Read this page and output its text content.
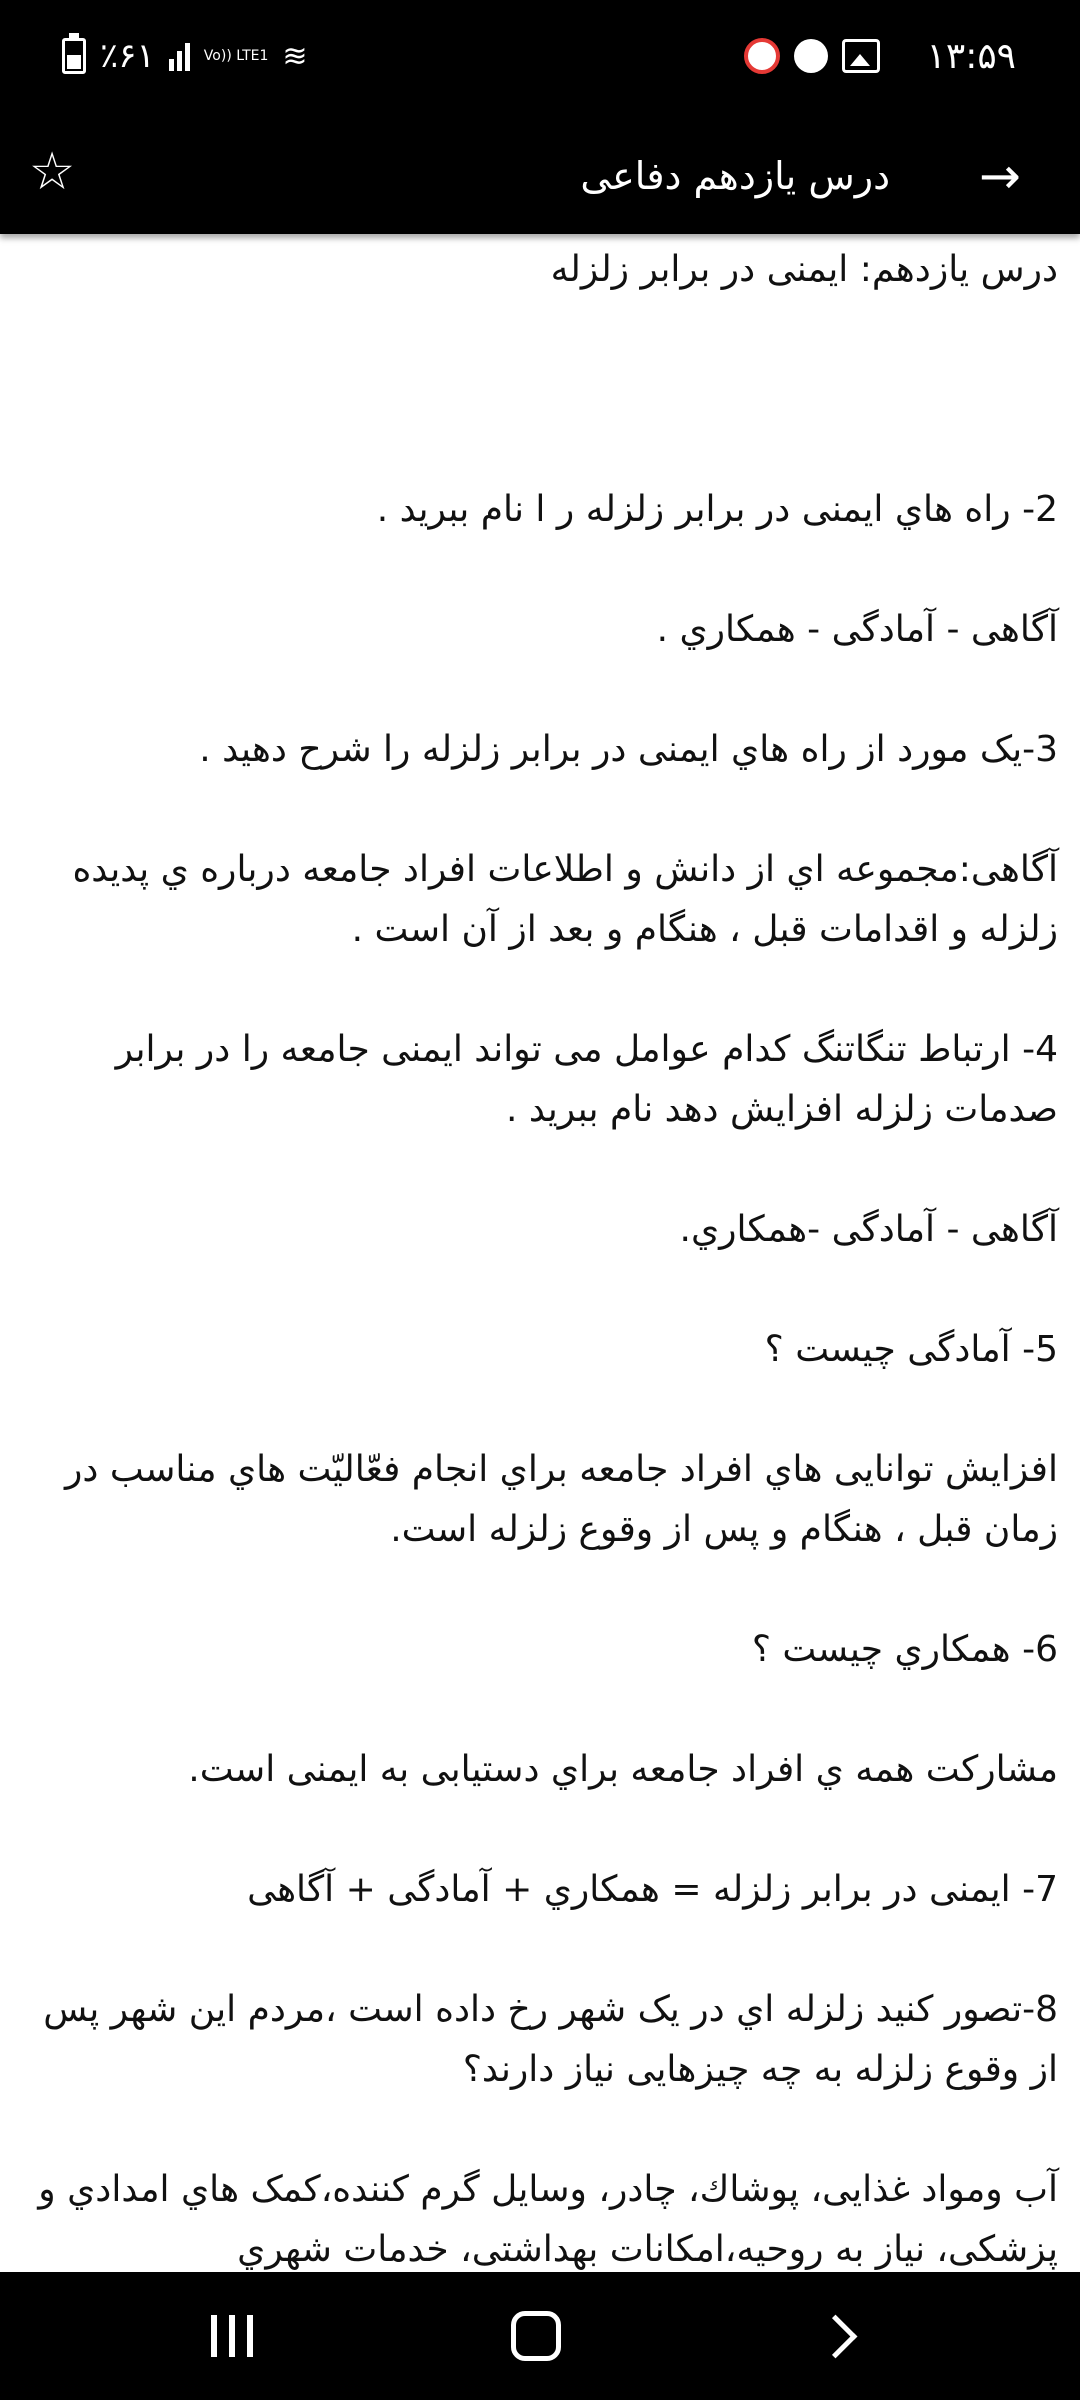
٪۶۱	Vo)) LTE1 ≋	۱۳:۵۹
→
درس یازدهم دفاعی
☆

درس یازدهم: ایمنی در برابر زلزله

2- راه هاي ایمنی در برابر زلزله ر ا نام ببرید .

آگاهی - آمادگی - همکاري .

3-یک مورد از راه هاي ایمنی در برابر زلزله را شرح دهید .

آگاهی:مجموعه اي از دانش و اطلاعات افراد جامعه درباره ي پدیده زلزله و اقدامات قبل ، هنگام و بعد از آن است .

4- ارتباط تنگاتنگ کدام عوامل می تواند ایمنی جامعه را در برابر صدمات زلزله افزایش دهد نام ببرید .

آگاهی - آمادگی -همکاري.

5- آمادگی چیست ؟

افزایش توانایی هاي افراد جامعه براي انجام فعّالیّت هاي مناسب در زمان قبل ، هنگام و پس از وقوع زلزله است.

6- همکاري چیست ؟

مشارکت همه ي افراد جامعه براي دستیابی به ایمنی است.

7- ایمنی در برابر زلزله = همکاري + آمادگی + آگاهی

8-تصور کنید زلزله اي در یک شهر رخ داده است ،مردم این شهر پس از وقوع زلزله به چه چیزهایی نیاز دارند؟

آب ومواد غذایی، پوشاك، چادر، وسایل گرم کننده،کمک هاي امدادي و پزشکی، نیاز به روحیه،امکانات بهداشتی، خدمات شهري
